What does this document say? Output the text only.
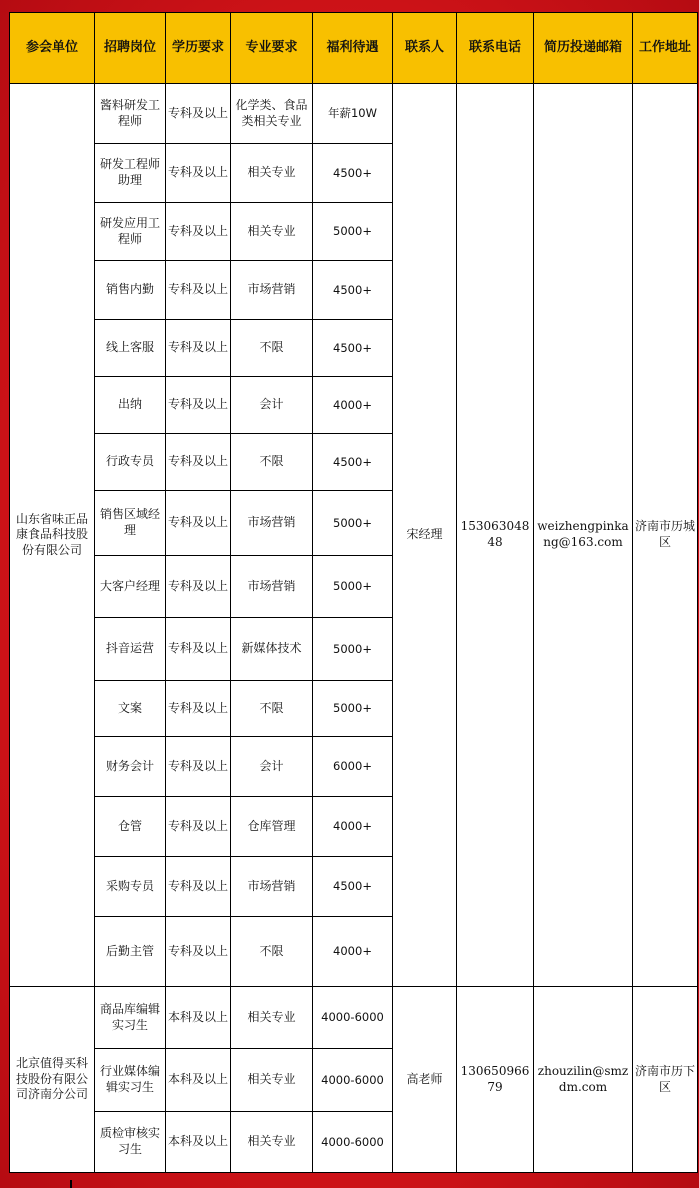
参会单位	招聘岗位	学历要求	专业要求	福利待遇	联系人	联系电话	简历投递邮箱	工作地址
山东省味正品康食品科技股份有限公司	酱料研发工程师	专科及以上	化学类、食品类相关专业	年薪10W	宋经理	15306304848	weizhengpinkang@163.com	济南市历城区
	研发工程师助理	专科及以上	相关专业	4500+				
	研发应用工程师	专科及以上	相关专业	5000+				
	销售内勤	专科及以上	市场营销	4500+				
	线上客服	专科及以上	不限	4500+				
	出纳	专科及以上	会计	4000+				
	行政专员	专科及以上	不限	4500+				
	销售区域经理	专科及以上	市场营销	5000+				
	大客户经理	专科及以上	市场营销	5000+				
	抖音运营	专科及以上	新媒体技术	5000+				
	文案	专科及以上	不限	5000+				
	财务会计	专科及以上	会计	6000+				
	仓管	专科及以上	仓库管理	4000+				
	采购专员	专科及以上	市场营销	4500+				
	后勤主管	专科及以上	不限	4000+				
北京值得买科技股份有限公司济南分公司	商品库编辑实习生	本科及以上	相关专业	4000-6000	高老师	13065096679	zhouzilin@smzdm.com	济南市历下区
	行业媒体编辑实习生	本科及以上	相关专业	4000-6000				
	质检审核实习生	本科及以上	相关专业	4000-6000				
